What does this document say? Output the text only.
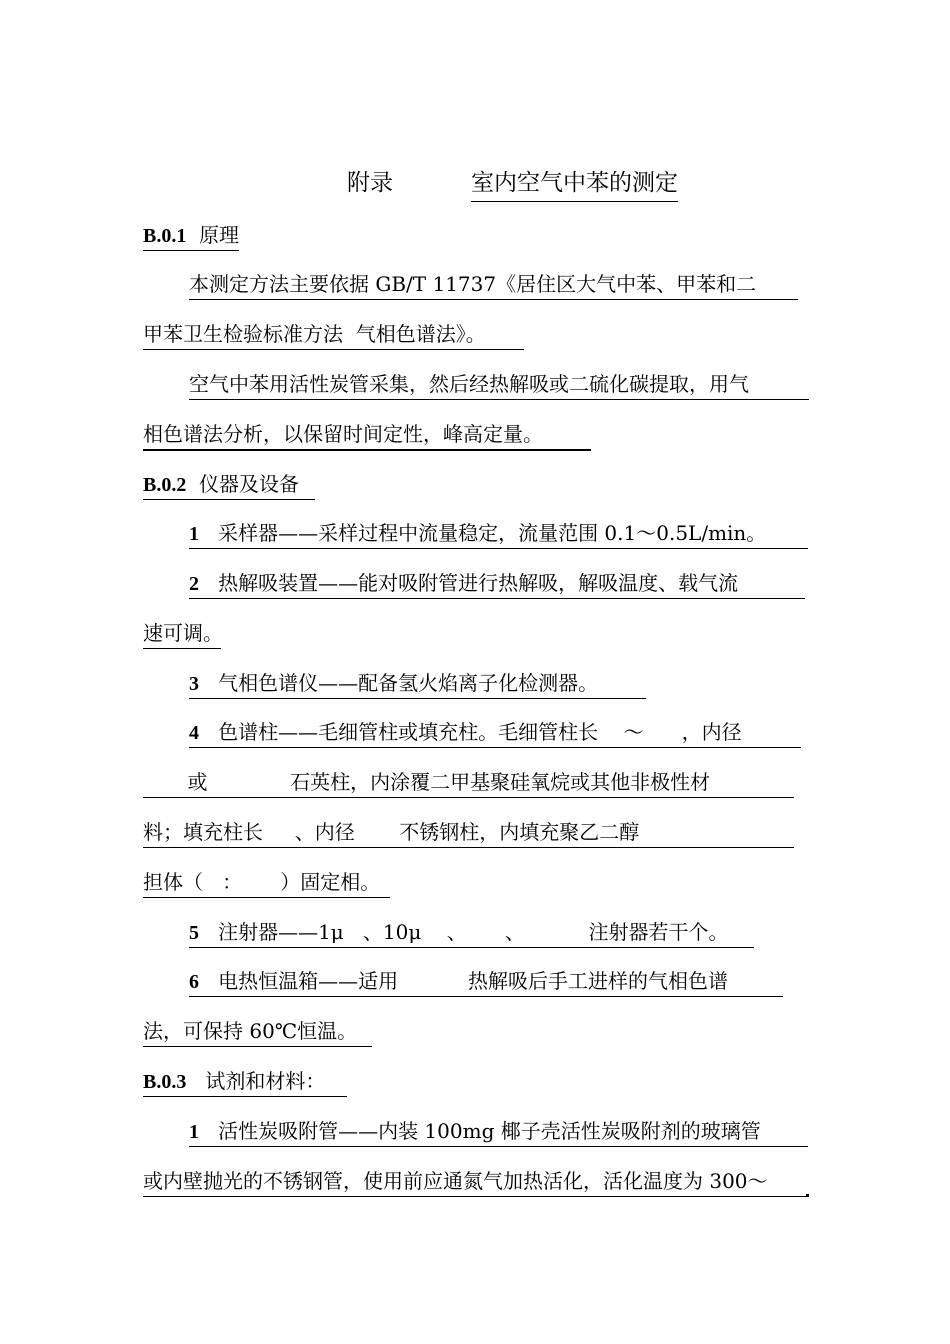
附录	室内空气中苯的测定
B.0.1 原理
本测定方法主要依据 GB/T 11737《居住区大气中苯、甲苯和二
甲苯卫生检验标准方法  气相色谱法》。
空气中苯用活性炭管采集，然后经热解吸或二硫化碳提取，用气
相色谱法分析，以保留时间定性，峰高定量。
B.0.2 仪器及设备
1 采样器——采样过程中流量稳定，流量范围 0.1～0.5L/min。
2 热解吸装置——能对吸附管进行热解吸，解吸温度、载气流
速可调。
3 气相色谱仪——配备氢火焰离子化检测器。
4 色谱柱——毛细管柱或填充柱。毛细管柱长    ～      ，内径
或             石英柱，内涂覆二甲基聚硅氧烷或其他非极性材
料；填充柱长     、内径       不锈钢柱，内填充聚乙二醇
担体（   ：      ）固定相。
5 注射器——1μ   、10μ    、      、          注射器若干个。
6 电热恒温箱——适用           热解吸后手工进样的气相色谱
法，可保持 60℃恒温。
B.0.3 试剂和材料：
1 活性炭吸附管——内装 100mg 椰子壳活性炭吸附剂的玻璃管
或内壁抛光的不锈钢管，使用前应通氮气加热活化，活化温度为 300～
